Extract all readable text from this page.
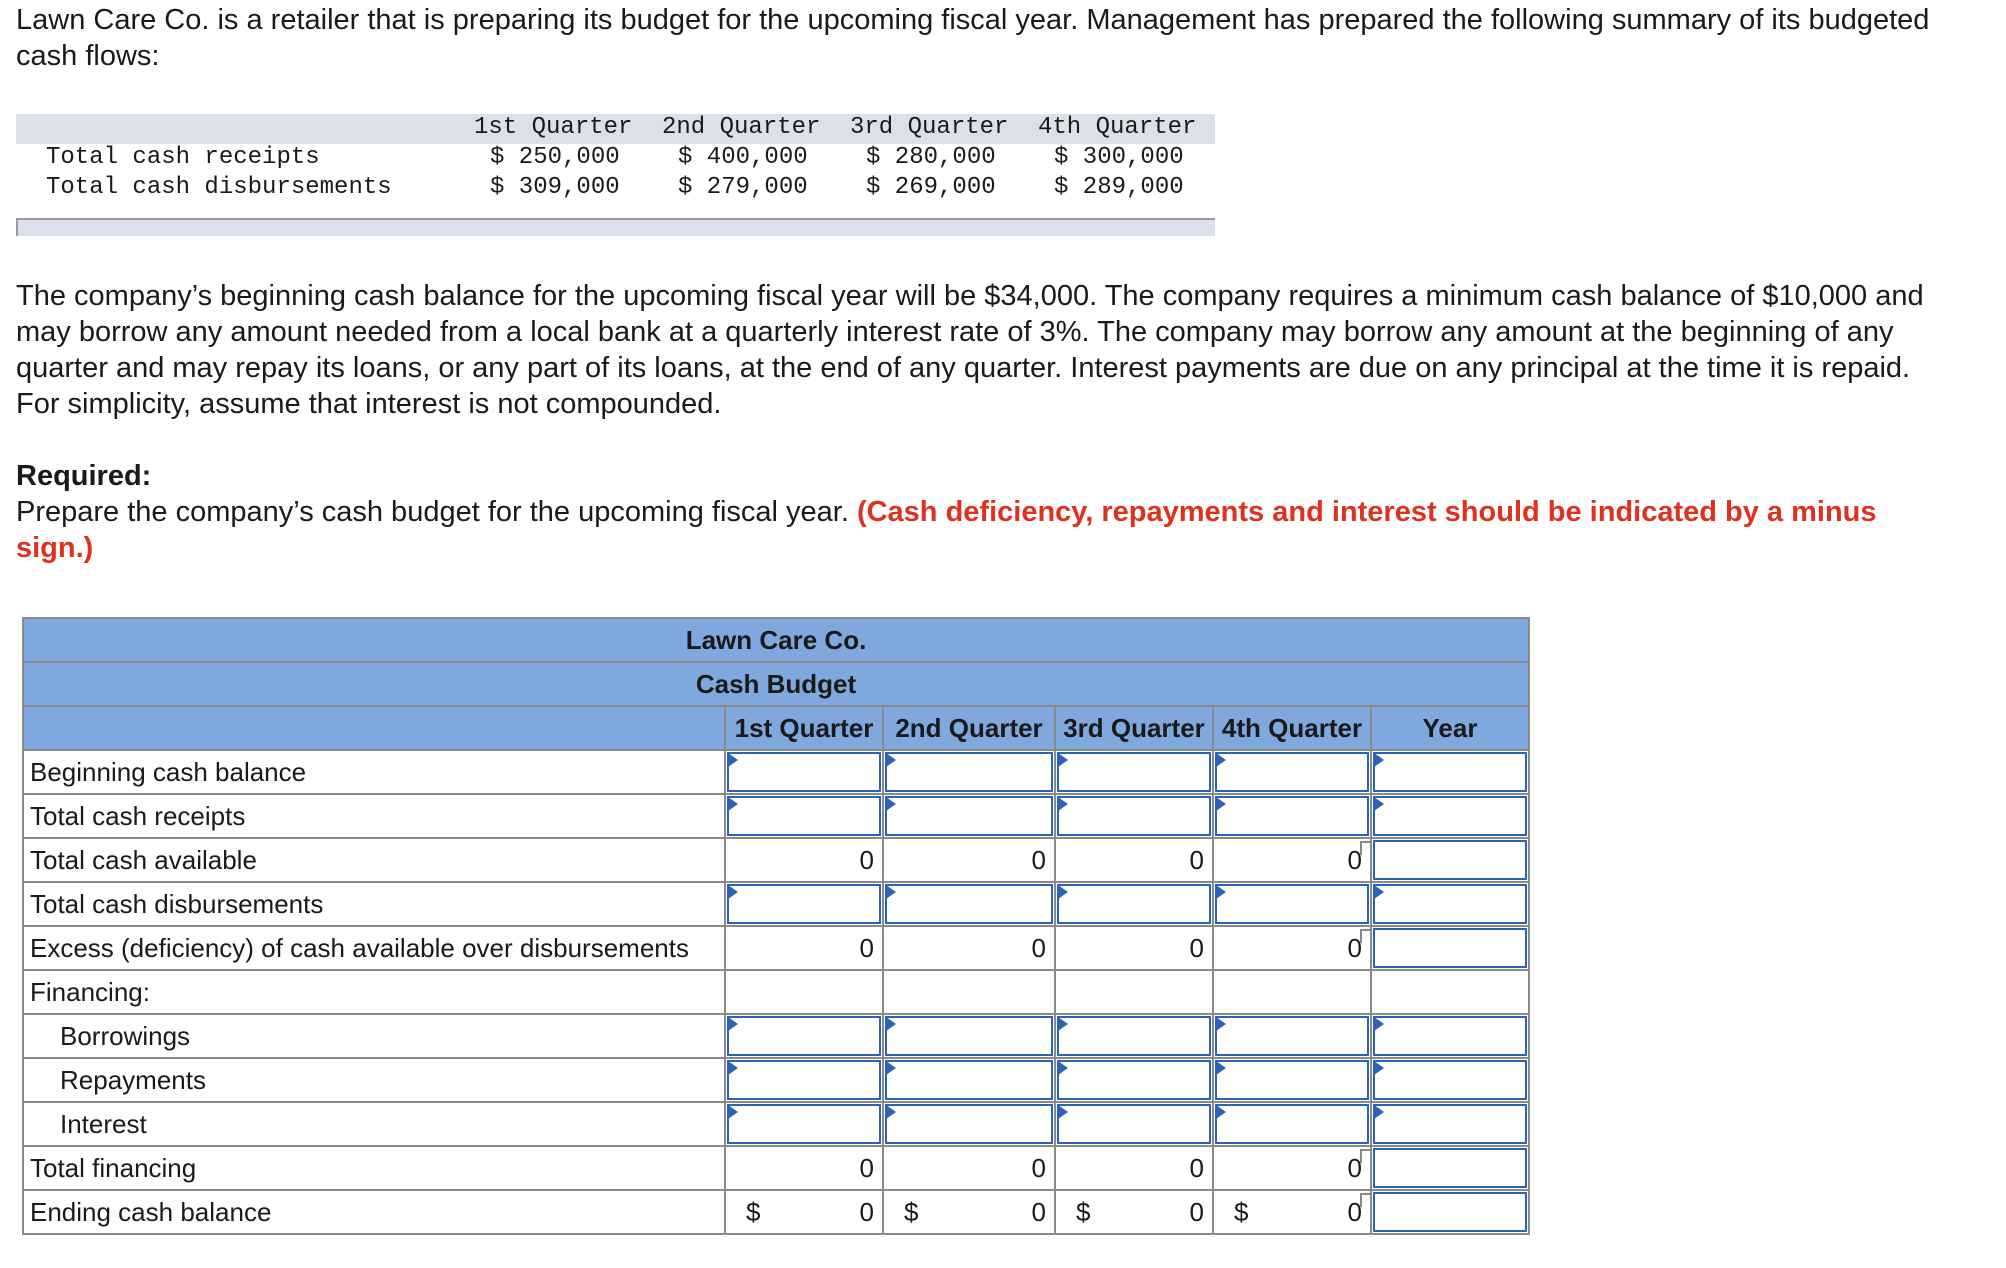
Lawn Care Co. is a retailer that is preparing its budget for the upcoming fiscal year. Management has prepared the following summary of its budgeted cash flows:

1st Quarter 2nd Quarter 3rd Quarter 4th Quarter
Total cash receipts	$ 250,000 $ 400,000 $ 280,000 $ 300,000
Total cash disbursements	$ 309,000 $ 279,000 $ 269,000 $ 289,000

The company’s beginning cash balance for the upcoming fiscal year will be $34,000. The company requires a minimum cash balance of $10,000 and may borrow any amount needed from a local bank at a quarterly interest rate of 3%. The company may borrow any amount at the beginning of any quarter and may repay its loans, or any part of its loans, at the end of any quarter. Interest payments are due on any principal at the time it is repaid. For simplicity, assume that interest is not compounded.

Required:
Prepare the company’s cash budget for the upcoming fiscal year. (Cash deficiency, repayments and interest should be indicated by a minus sign.)

Lawn Care Co.					
Cash Budget					
	1st Quarter	2nd Quarter	3rd Quarter	4th Quarter	Year
Beginning cash balance	

Total cash receipts	

Total cash available	0	0	0	0

Total cash disbursements	

Excess (deficiency) of cash available over disbursements	0	0	0	0

Financing:					
Borrowings	

Repayments	

Interest	

Total financing	0	0	0	0

Ending cash balance	$ 0	$ 0	$ 0	$ 0
